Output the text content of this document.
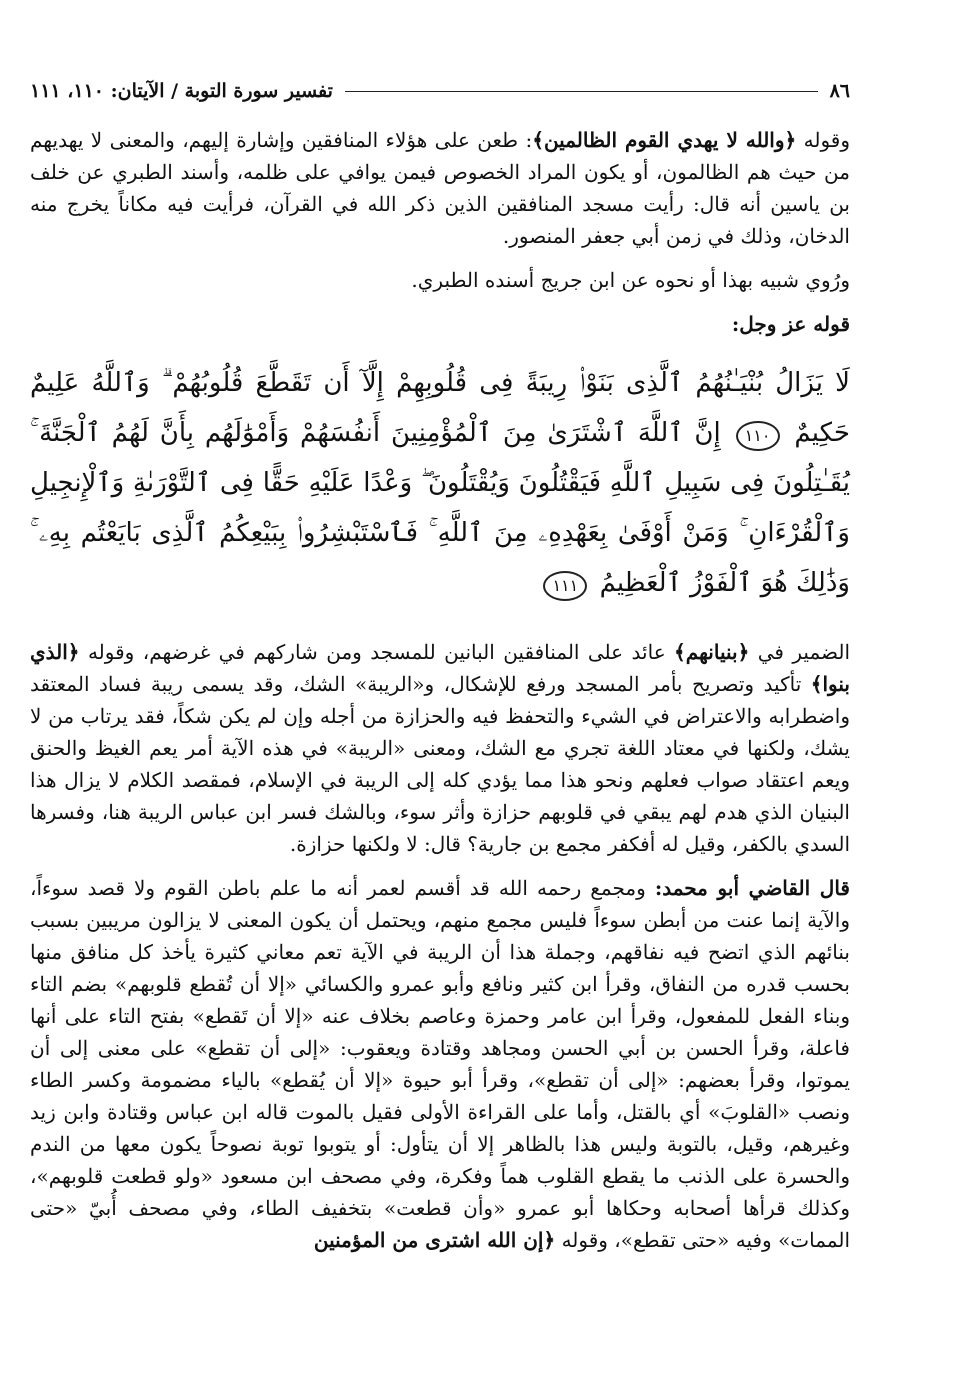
٨٦
تفسير سورة التوبة / الآيتان: ١١٠، ١١١

وقوله ﴿والله لا يهدي القوم الظالمين﴾: طعن على هؤلاء المنافقين وإشارة إليهم، والمعنى لا يهديهم من حيث هم الظالمون، أو يكون المراد الخصوص فيمن يوافي على ظلمه، وأسند الطبري عن خلف بن ياسين أنه قال: رأيت مسجد المنافقين الذين ذكر الله في القرآن، فرأيت فيه مكاناً يخرج منه الدخان، وذلك في زمن أبي جعفر المنصور.

ورُوي شبيه بهذا أو نحوه عن ابن جريج أسنده الطبري.

قوله عز وجل:

لَا يَزَالُ بُنْيَـٰنُهُمُ ٱلَّذِى بَنَوْا۟ رِيبَةً فِى قُلُوبِهِمْ إِلَّآ أَن تَقَطَّعَ قُلُوبُهُمْ ۗ وَٱللَّهُ عَلِيمٌ حَكِيمٌ ١١٠ إِنَّ ٱللَّهَ ٱشْتَرَىٰ مِنَ ٱلْمُؤْمِنِينَ أَنفُسَهُمْ وَأَمْوَٰلَهُم بِأَنَّ لَهُمُ ٱلْجَنَّةَ ۚ يُقَـٰتِلُونَ فِى سَبِيلِ ٱللَّهِ فَيَقْتُلُونَ وَيُقْتَلُونَ ۖ وَعْدًا عَلَيْهِ حَقًّا فِى ٱلتَّوْرَىٰةِ وَٱلْإِنجِيلِ وَٱلْقُرْءَانِ ۚ وَمَنْ أَوْفَىٰ بِعَهْدِهِۦ مِنَ ٱللَّهِ ۚ فَٱسْتَبْشِرُوا۟ بِبَيْعِكُمُ ٱلَّذِى بَايَعْتُم بِهِۦ ۚ وَذَٰلِكَ هُوَ ٱلْفَوْزُ ٱلْعَظِيمُ ١١١

الضمير في ﴿بنيانهم﴾ عائد على المنافقين البانين للمسجد ومن شاركهم في غرضهم، وقوله ﴿الذي بنوا﴾ تأكيد وتصريح بأمر المسجد ورفع للإشكال، و«الريبة» الشك، وقد يسمى ريبة فساد المعتقد واضطرابه والاعتراض في الشيء والتحفظ فيه والحزازة من أجله وإن لم يكن شكاً، فقد يرتاب من لا يشك، ولكنها في معتاد اللغة تجري مع الشك، ومعنى «الريبة» في هذه الآية أمر يعم الغيظ والحنق ويعم اعتقاد صواب فعلهم ونحو هذا مما يؤدي كله إلى الريبة في الإسلام، فمقصد الكلام لا يزال هذا البنيان الذي هدم لهم يبقي في قلوبهم حزازة وأثر سوء، وبالشك فسر ابن عباس الريبة هنا، وفسرها السدي بالكفر، وقيل له أفكفر مجمع بن جارية؟ قال: لا ولكنها حزازة.

قال القاضي أبو محمد: ومجمع رحمه الله قد أقسم لعمر أنه ما علم باطن القوم ولا قصد سوءاً، والآية إنما عنت من أبطن سوءاً فليس مجمع منهم، ويحتمل أن يكون المعنى لا يزالون مريبين بسبب بنائهم الذي اتضح فيه نفاقهم، وجملة هذا أن الريبة في الآية تعم معاني كثيرة يأخذ كل منافق منها بحسب قدره من النفاق، وقرأ ابن كثير ونافع وأبو عمرو والكسائي «إلا أن تُقطع قلوبهم» بضم التاء وبناء الفعل للمفعول، وقرأ ابن عامر وحمزة وعاصم بخلاف عنه «إلا أن تَقطع» بفتح التاء على أنها فاعلة، وقرأ الحسن بن أبي الحسن ومجاهد وقتادة ويعقوب: «إلى أن تقطع» على معنى إلى أن يموتوا، وقرأ بعضهم: «إلى أن تقطع»، وقرأ أبو حيوة «إلا أن يُقطع» بالياء مضمومة وكسر الطاء ونصب «القلوبَ» أي بالقتل، وأما على القراءة الأولى فقيل بالموت قاله ابن عباس وقتادة وابن زيد وغيرهم، وقيل، بالتوبة وليس هذا بالظاهر إلا أن يتأول: أو يتوبوا توبة نصوحاً يكون معها من الندم والحسرة على الذنب ما يقطع القلوب هماً وفكرة، وفي مصحف ابن مسعود «ولو قطعت قلوبهم»، وكذلك قرأها أصحابه وحكاها أبو عمرو «وأن قطعت» بتخفيف الطاء، وفي مصحف أُبيّ «حتى الممات» وفيه «حتى تقطع»، وقوله ﴿إن الله اشترى من المؤمنين
